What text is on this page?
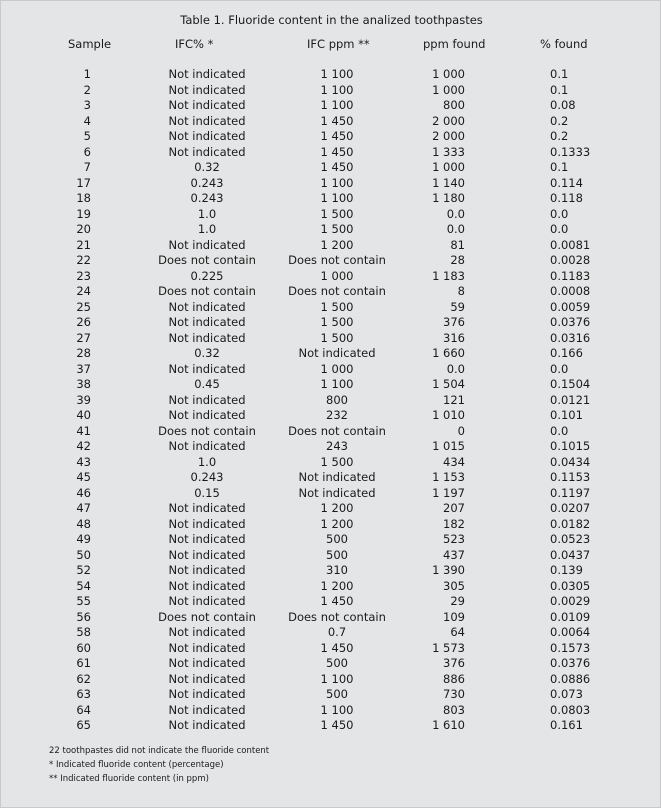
Table 1. Fluoride content in the analized toothpastes
Sample	IFC% *	IFC ppm **	ppm found	% found
1	Not indicated	1 100	1 000	0.1
2	Not indicated	1 100	1 000	0.1
3	Not indicated	1 100	800	0.08
4	Not indicated	1 450	2 000	0.2
5	Not indicated	1 450	2 000	0.2
6	Not indicated	1 450	1 333	0.1333
7	0.32	1 450	1 000	0.1
17	0.243	1 100	1 140	0.114
18	0.243	1 100	1 180	0.118
19	1.0	1 500	0.0	0.0
20	1.0	1 500	0.0	0.0
21	Not indicated	1 200	81	0.0081
22	Does not contain	Does not contain	28	0.0028
23	0.225	1 000	1 183	0.1183
24	Does not contain	Does not contain	8	0.0008
25	Not indicated	1 500	59	0.0059
26	Not indicated	1 500	376	0.0376
27	Not indicated	1 500	316	0.0316
28	0.32	Not indicated	1 660	0.166
37	Not indicated	1 000	0.0	0.0
38	0.45	1 100	1 504	0.1504
39	Not indicated	800	121	0.0121
40	Not indicated	232	1 010	0.101
41	Does not contain	Does not contain	0	0.0
42	Not indicated	243	1 015	0.1015
43	1.0	1 500	434	0.0434
45	0.243	Not indicated	1 153	0.1153
46	0.15	Not indicated	1 197	0.1197
47	Not indicated	1 200	207	0.0207
48	Not indicated	1 200	182	0.0182
49	Not indicated	500	523	0.0523
50	Not indicated	500	437	0.0437
52	Not indicated	310	1 390	0.139
54	Not indicated	1 200	305	0.0305
55	Not indicated	1 450	29	0.0029
56	Does not contain	Does not contain	109	0.0109
58	Not indicated	0.7	64	0.0064
60	Not indicated	1 450	1 573	0.1573
61	Not indicated	500	376	0.0376
62	Not indicated	1 100	886	0.0886
63	Not indicated	500	730	0.073
64	Not indicated	1 100	803	0.0803
65	Not indicated	1 450	1 610	0.161
22 toothpastes did not indicate the fluoride content
* Indicated fluoride content (percentage)
** Indicated fluoride content (in ppm)
